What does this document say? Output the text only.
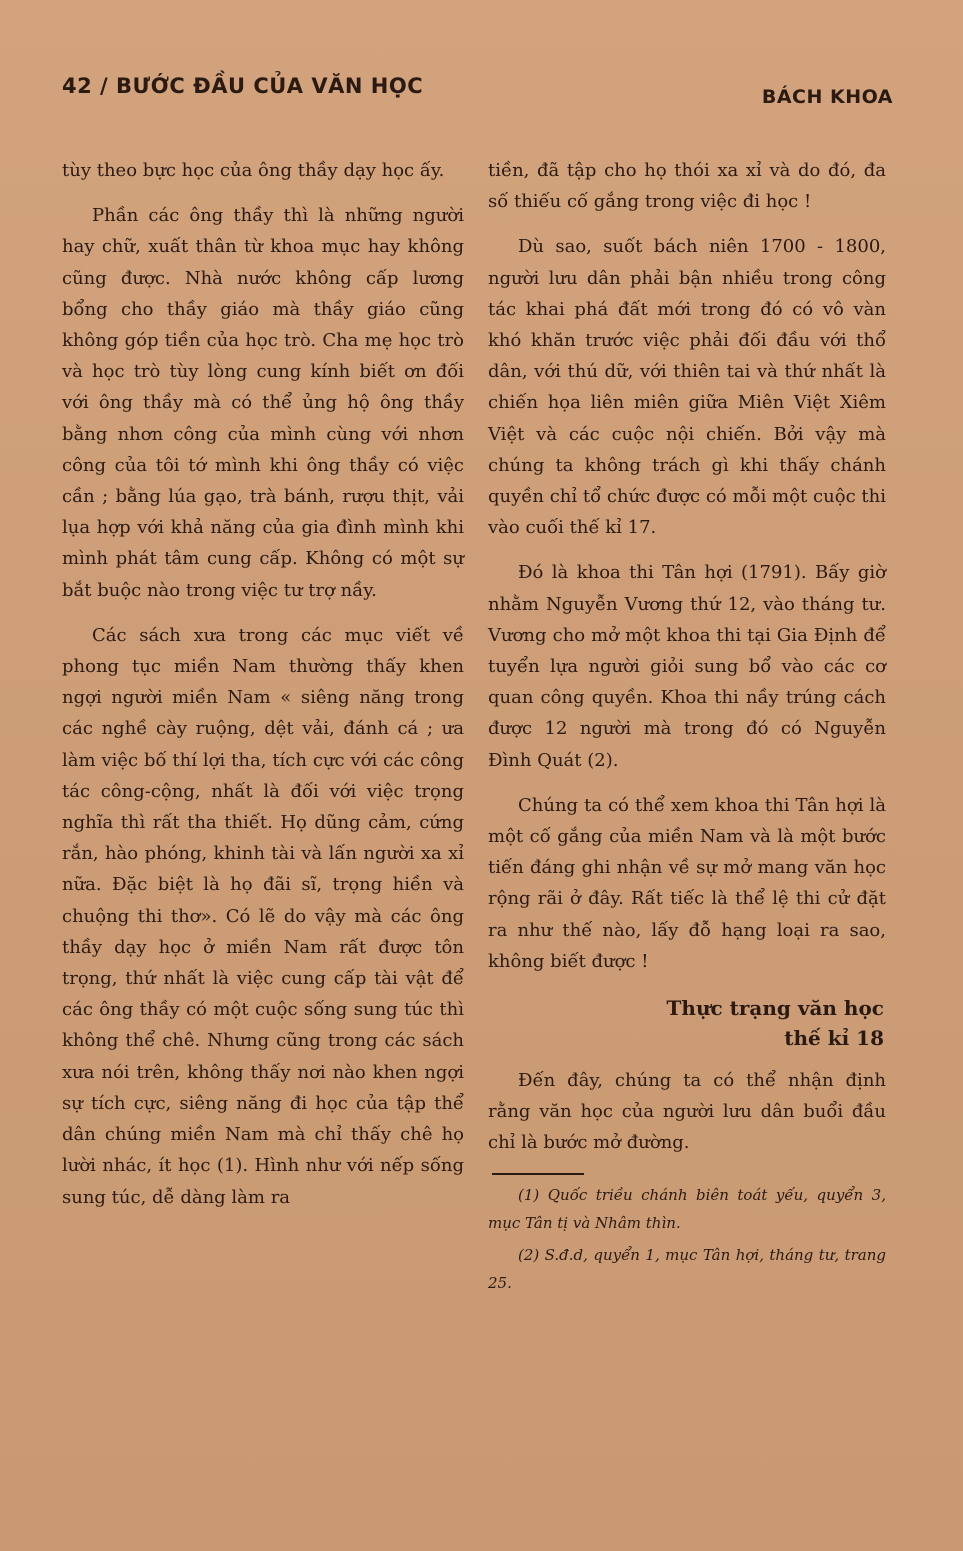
42 / BƯỚC ĐẦU CỦA VĂN HỌC	BÁCH KHOA

tùy theo bực học của ông thầy dạy học ấy.

Phần các ông thầy thì là những người hay chữ, xuất thân từ khoa mục hay không cũng được. Nhà nước không cấp lương bổng cho thầy giáo mà thầy giáo cũng không góp tiền của học trò. Cha mẹ học trò và học trò tùy lòng cung kính biết ơn đối với ông thầy mà có thể ủng hộ ông thầy bằng nhơn công của mình cùng với nhơn công của tôi tớ mình khi ông thầy có việc cần ; bằng lúa gạo, trà bánh, rượu thịt, vải lụa hợp với khả năng của gia đình mình khi mình phát tâm cung cấp. Không có một sự bắt buộc nào trong việc tư trợ nầy.

Các sách xưa trong các mục viết về phong tục miền Nam thường thấy khen ngợi người miền Nam « siêng năng trong các nghề cày ruộng, dệt vải, đánh cá ; ưa làm việc bố thí lợi tha, tích cực với các công tác công-cộng, nhất là đối với việc trọng nghĩa thì rất tha thiết. Họ dũng cảm, cứng rắn, hào phóng, khinh tài và lấn người xa xỉ nữa. Đặc biệt là họ đãi sĩ, trọng hiền và chuộng thi thơ». Có lẽ do vậy mà các ông thầy dạy học ở miền Nam rất được tôn trọng, thứ nhất là việc cung cấp tài vật để các ông thầy có một cuộc sống sung túc thì không thể chê. Nhưng cũng trong các sách xưa nói trên, không thấy nơi nào khen ngợi sự tích cực, siêng năng đi học của tập thể dân chúng miền Nam mà chỉ thấy chê họ lười nhác, ít học (1). Hình như với nếp sống sung túc, dễ dàng làm ra

tiền, đã tập cho họ thói xa xỉ và do đó, đa số thiếu cố gắng trong việc đi học !

Dù sao, suốt bách niên 1700 - 1800, người lưu dân phải bận nhiều trong công tác khai phá đất mới trong đó có vô vàn khó khăn trước việc phải đối đầu với thổ dân, với thú dữ, với thiên tai và thứ nhất là chiến họa liên miên giữa Miên Việt Xiêm Việt và các cuộc nội chiến. Bởi vậy mà chúng ta không trách gì khi thấy chánh quyền chỉ tổ chức được có mỗi một cuộc thi vào cuối thế kỉ 17.

Đó là khoa thi Tân hợi (1791). Bấy giờ nhằm Nguyễn Vương thứ 12, vào tháng tư. Vương cho mở một khoa thi tại Gia Định để tuyển lựa người giỏi sung bổ vào các cơ quan công quyền. Khoa thi nầy trúng cách được 12 người mà trong đó có Nguyễn Đình Quát (2).

Chúng ta có thể xem khoa thi Tân hợi là một cố gắng của miền Nam và là một bước tiến đáng ghi nhận về sự mở mang văn học rộng rãi ở đây. Rất tiếc là thể lệ thi cử đặt ra như thế nào, lấy đỗ hạng loại ra sao, không biết được !

Thực trạng văn học
thế kỉ 18

Đến đây, chúng ta có thể nhận định rằng văn học của người lưu dân buổi đầu chỉ là bước mở đường.

(1) Quốc triều chánh biên toát yếu, quyển 3, mục Tân tị và Nhâm thìn.

(2) S.đ.d, quyển 1, mục Tân hợi, tháng tư, trang 25.
